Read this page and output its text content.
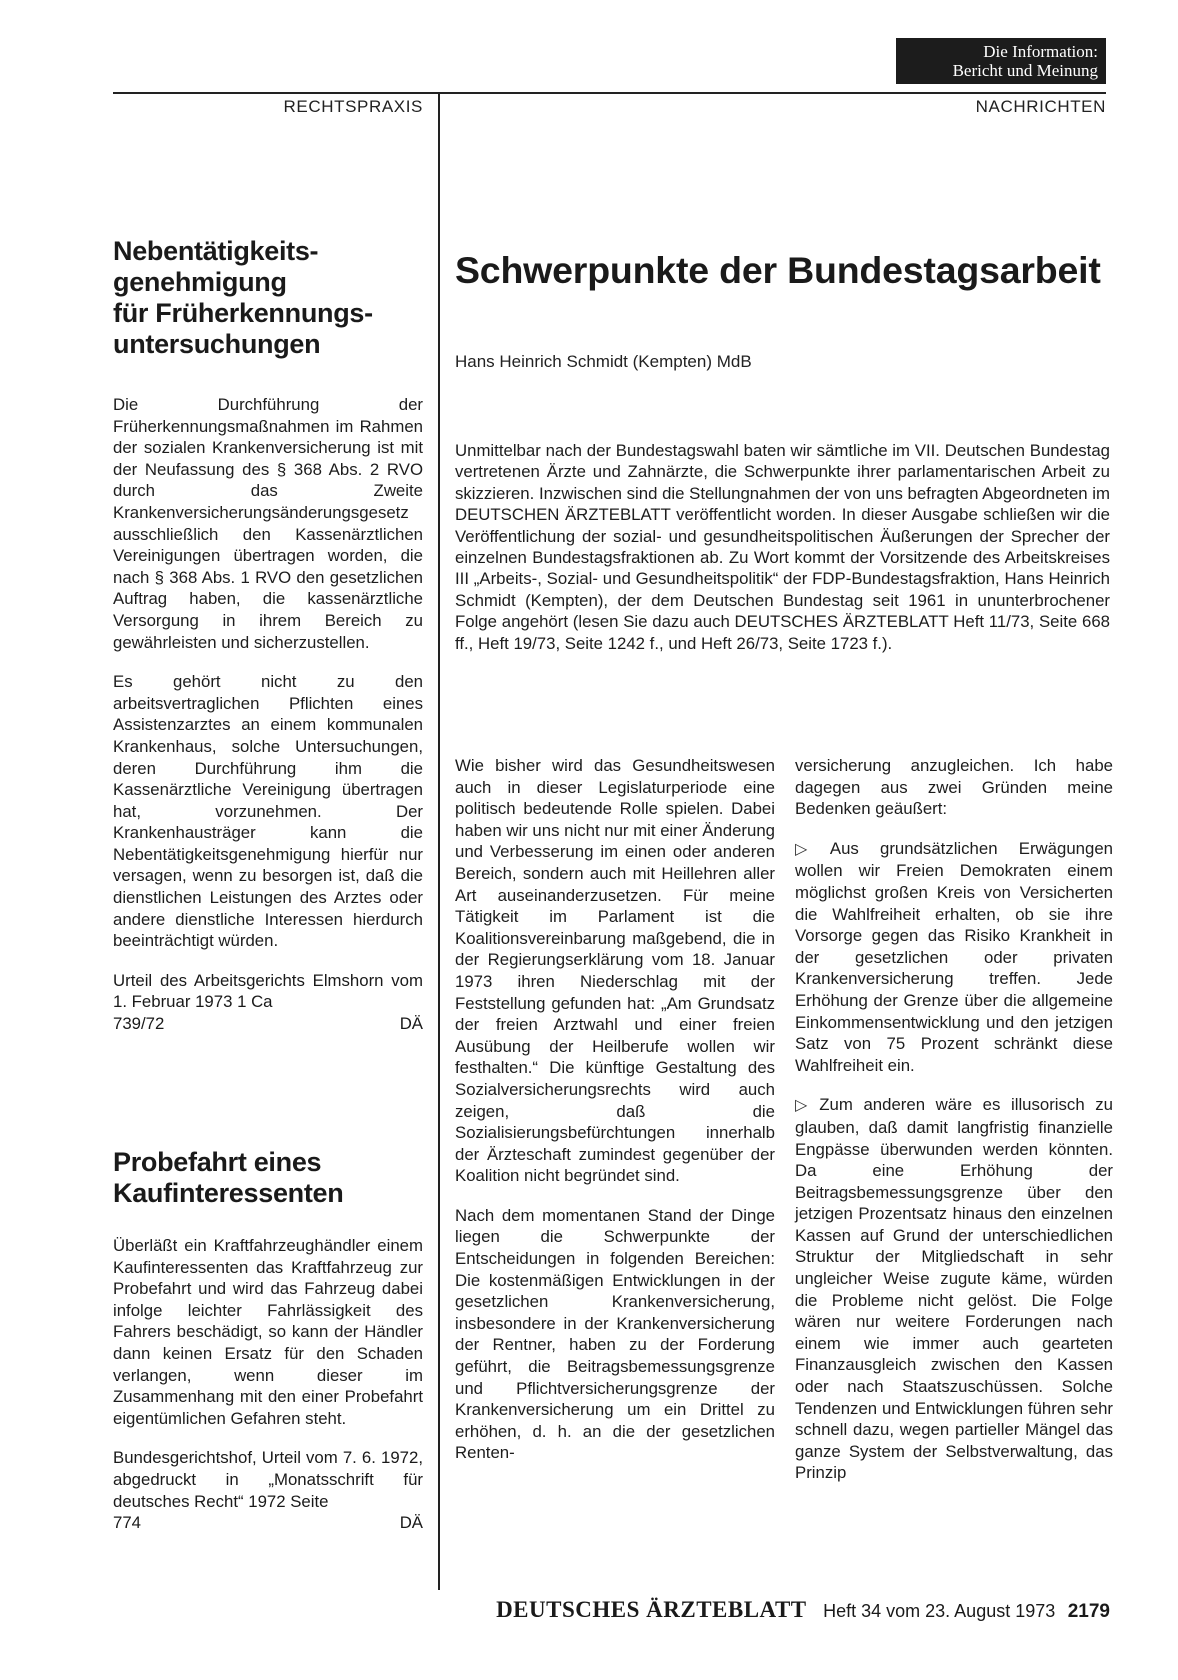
Die Information:
Bericht und Meinung
RECHTSPRAXIS	NACHRICHTEN
Nebentätigkeits-
genehmigung
für Früherkennungs-
untersuchungen

Die Durchführung der Früherkennungsmaßnahmen im Rahmen der sozialen Krankenversicherung ist mit der Neufassung des § 368 Abs. 2 RVO durch das Zweite Krankenversicherungsänderungsgesetz ausschließlich den Kassenärztlichen Vereinigungen übertragen worden, die nach § 368 Abs. 1 RVO den gesetzlichen Auftrag haben, die kassenärztliche Versorgung in ihrem Bereich zu gewährleisten und sicherzustellen.

Es gehört nicht zu den arbeitsvertraglichen Pflichten eines Assistenzarztes an einem kommunalen Krankenhaus, solche Untersuchungen, deren Durchführung ihm die Kassenärztliche Vereinigung übertragen hat, vorzunehmen. Der Krankenhausträger kann die Nebentätigkeitsgenehmigung hierfür nur versagen, wenn zu besorgen ist, daß die dienstlichen Leistungen des Arztes oder andere dienstliche Interessen hierdurch beeinträchtigt würden.

Urteil des Arbeitsgerichts Elmshorn vom 1. Februar 1973 1 Ca
739/72	DÄ
Probefahrt eines
Kaufinteressenten

Überläßt ein Kraftfahrzeughändler einem Kaufinteressenten das Kraftfahrzeug zur Probefahrt und wird das Fahrzeug dabei infolge leichter Fahrlässigkeit des Fahrers beschädigt, so kann der Händler dann keinen Ersatz für den Schaden verlangen, wenn dieser im Zusammenhang mit den einer Probefahrt eigentümlichen Gefahren steht.

Bundesgerichtshof, Urteil vom 7. 6. 1972, abgedruckt in „Monatsschrift für deutsches Recht“ 1972 Seite
774	DÄ
Schwerpunkte der Bundestagsarbeit
Hans Heinrich Schmidt (Kempten) MdB
Unmittelbar nach der Bundestagswahl baten wir sämtliche im VII. Deutschen Bundestag vertretenen Ärzte und Zahnärzte, die Schwerpunkte ihrer parlamentarischen Arbeit zu skizzieren. Inzwischen sind die Stellungnahmen der von uns befragten Abgeordneten im DEUTSCHEN ÄRZTEBLATT veröffentlicht worden. In dieser Ausgabe schließen wir die Veröffentlichung der sozial- und gesundheitspolitischen Äußerungen der Sprecher der einzelnen Bundestagsfraktionen ab. Zu Wort kommt der Vorsitzende des Arbeitskreises III „Arbeits-, Sozial- und Gesundheitspolitik“ der FDP-Bundestagsfraktion, Hans Heinrich Schmidt (Kempten), der dem Deutschen Bundestag seit 1961 in ununterbrochener Folge angehört (lesen Sie dazu auch DEUTSCHES ÄRZTEBLATT Heft 11/73, Seite 668 ff., Heft 19/73, Seite 1242 f., und Heft 26/73, Seite 1723 f.).

Wie bisher wird das Gesundheitswesen auch in dieser Legislaturperiode eine politisch bedeutende Rolle spielen. Dabei haben wir uns nicht nur mit einer Änderung und Verbesserung im einen oder anderen Bereich, sondern auch mit Heillehren aller Art auseinanderzusetzen. Für meine Tätigkeit im Parlament ist die Koalitionsvereinbarung maßgebend, die in der Regierungserklärung vom 18. Januar 1973 ihren Niederschlag mit der Feststellung gefunden hat: „Am Grundsatz der freien Arztwahl und einer freien Ausübung der Heilberufe wollen wir festhalten.“ Die künftige Gestaltung des Sozialversicherungsrechts wird auch zeigen, daß die Sozialisierungsbefürchtungen innerhalb der Ärzteschaft zumindest gegenüber der Koalition nicht begründet sind.

Nach dem momentanen Stand der Dinge liegen die Schwerpunkte der Entscheidungen in folgenden Bereichen: Die kostenmäßigen Entwicklungen in der gesetzlichen Krankenversicherung, insbesondere in der Krankenversicherung der Rentner, haben zu der Forderung geführt, die Beitragsbemessungsgrenze und Pflichtversicherungsgrenze der Krankenversicherung um ein Drittel zu erhöhen, d. h. an die der gesetzlichen Renten-

versicherung anzugleichen. Ich habe dagegen aus zwei Gründen meine Bedenken geäußert:

▷ Aus grundsätzlichen Erwägungen wollen wir Freien Demokraten einem möglichst großen Kreis von Versicherten die Wahlfreiheit erhalten, ob sie ihre Vorsorge gegen das Risiko Krankheit in der gesetzlichen oder privaten Krankenversicherung treffen. Jede Erhöhung der Grenze über die allgemeine Einkommensentwicklung und den jetzigen Satz von 75 Prozent schränkt diese Wahlfreiheit ein.

▷ Zum anderen wäre es illusorisch zu glauben, daß damit langfristig finanzielle Engpässe überwunden werden könnten. Da eine Erhöhung der Beitragsbemessungsgrenze über den jetzigen Prozentsatz hinaus den einzelnen Kassen auf Grund der unterschiedlichen Struktur der Mitgliedschaft in sehr ungleicher Weise zugute käme, würden die Probleme nicht gelöst. Die Folge wären nur weitere Forderungen nach einem wie immer auch gearteten Finanzausgleich zwischen den Kassen oder nach Staatszuschüssen. Solche Tendenzen und Entwicklungen führen sehr schnell dazu, wegen partieller Mängel das ganze System der Selbstverwaltung, das Prinzip

DEUTSCHES ÄRZTEBLATT Heft 34 vom 23. August 1973 2179
